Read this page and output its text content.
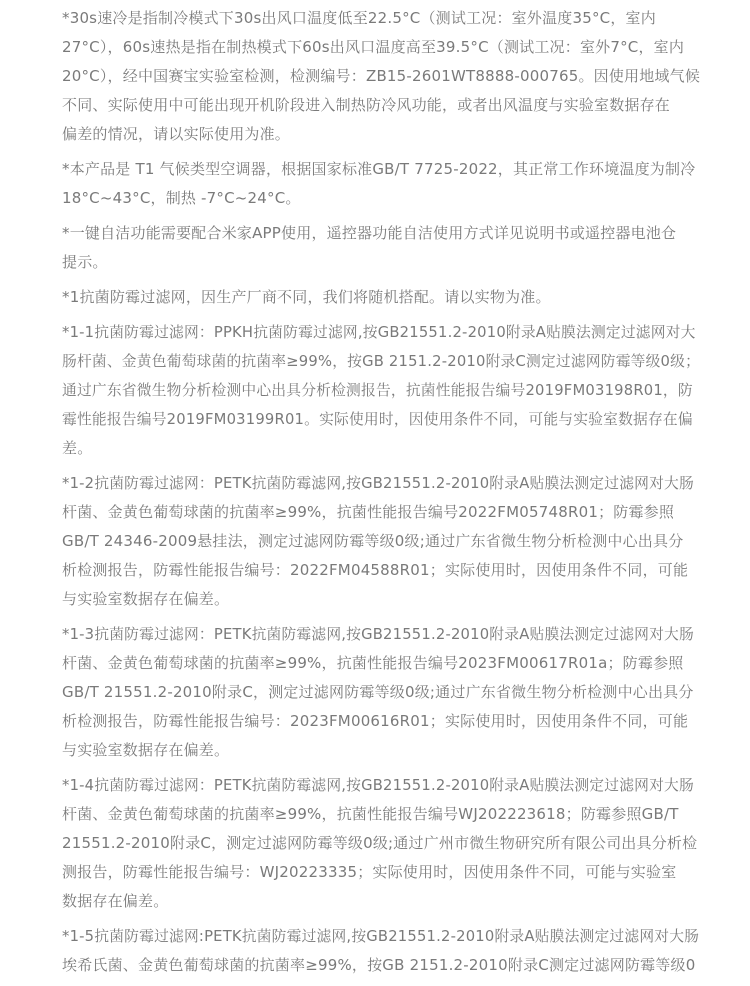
*30s速冷是指制冷模式下30s出风口温度低至22.5°C（测试工况：室外温度35°C，室内
27°C），60s速热是指在制热模式下60s出风口温度高至39.5°C（测试工况：室外7°C，室内
20°C），经中国赛宝实验室检测，检测编号：ZB15-2601WT8888-000765。因使用地域气候
不同、实际使用中可能出现开机阶段进入制热防冷风功能，或者出风温度与实验室数据存在
偏差的情况，请以实际使用为准。

*本产品是 T1 气候类型空调器，根据国家标准GB/T 7725-2022，其正常工作环境温度为制冷
18°C~43°C，制热 -7°C~24°C。

*一键自洁功能需要配合米家APP使用，遥控器功能自洁使用方式详见说明书或遥控器电池仓
提示。

*1抗菌防霉过滤网，因生产厂商不同，我们将随机搭配。请以实物为准。

*1-1抗菌防霉过滤网：PPKH抗菌防霉过滤网,按GB21551.2-2010附录A贴膜法测定过滤网对大
肠杆菌、金黄色葡萄球菌的抗菌率≥99%，按GB 2151.2-2010附录C测定过滤网防霉等级0级；
通过广东省微生物分析检测中心出具分析检测报告，抗菌性能报告编号2019FM03198R01，防
霉性能报告编号2019FM03199R01。实际使用时，因使用条件不同，可能与实验室数据存在偏
差。

*1-2抗菌防霉过滤网：PETK抗菌防霉滤网,按GB21551.2-2010附录A贴膜法测定过滤网对大肠
杆菌、金黄色葡萄球菌的抗菌率≥99%，抗菌性能报告编号2022FM05748R01；防霉参照
GB/T 24346-2009悬挂法，测定过滤网防霉等级0级;通过广东省微生物分析检测中心出具分
析检测报告，防霉性能报告编号：2022FM04588R01；实际使用时，因使用条件不同，可能
与实验室数据存在偏差。

*1-3抗菌防霉过滤网：PETK抗菌防霉滤网,按GB21551.2-2010附录A贴膜法测定过滤网对大肠
杆菌、金黄色葡萄球菌的抗菌率≥99%，抗菌性能报告编号2023FM00617R01a；防霉参照
GB/T 21551.2-2010附录C，测定过滤网防霉等级0级;通过广东省微生物分析检测中心出具分
析检测报告，防霉性能报告编号：2023FM00616R01；实际使用时，因使用条件不同，可能
与实验室数据存在偏差。

*1-4抗菌防霉过滤网：PETK抗菌防霉滤网,按GB21551.2-2010附录A贴膜法测定过滤网对大肠
杆菌、金黄色葡萄球菌的抗菌率≥99%，抗菌性能报告编号WJ202223618；防霉参照GB/T
21551.2-2010附录C，测定过滤网防霉等级0级;通过广州市微生物研究所有限公司出具分析检
测报告，防霉性能报告编号：WJ20223335；实际使用时，因使用条件不同，可能与实验室
数据存在偏差。

*1-5抗菌防霉过滤网:PETK抗菌防霉过滤网,按GB21551.2-2010附录A贴膜法测定过滤网对大肠
埃希氏菌、金黄色葡萄球菌的抗菌率≥99%，按GB 2151.2-2010附录C测定过滤网防霉等级0
